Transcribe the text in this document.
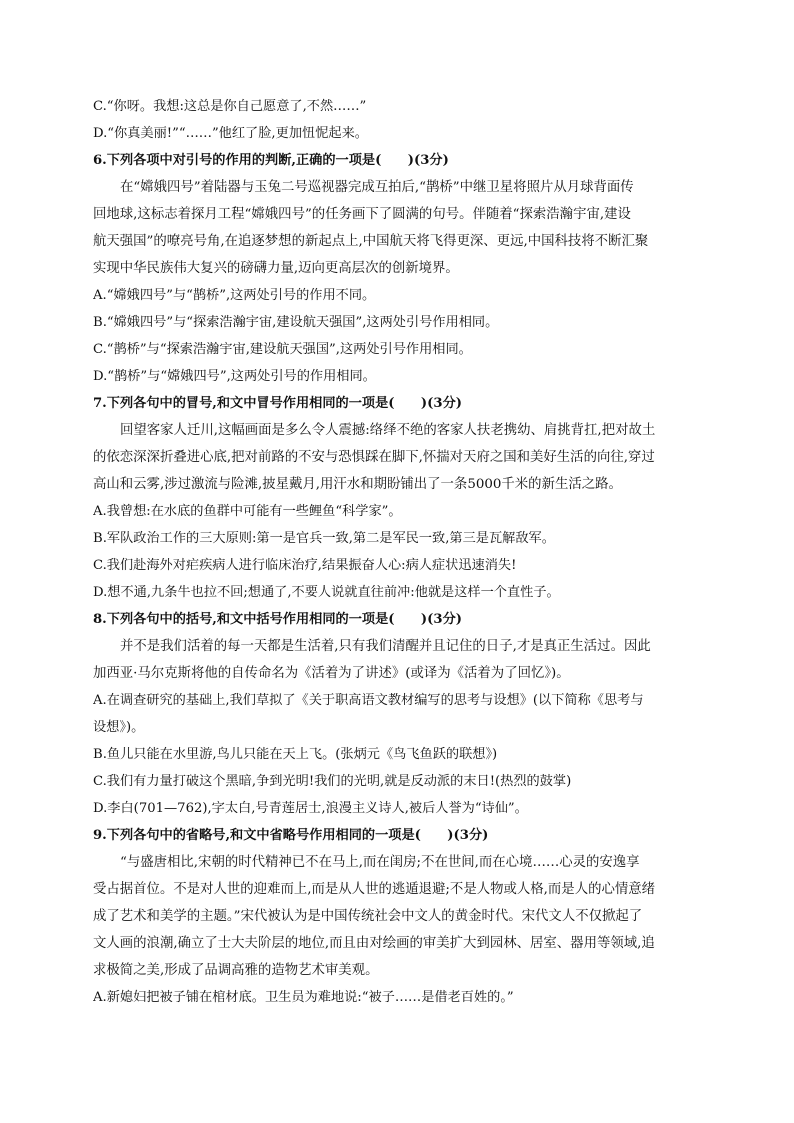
C.“你呀。我想:这总是你自己愿意了,不然……”
D.“你真美丽!”“……”他红了脸,更加忸怩起来。
6.下列各项中对引号的作用的判断,正确的一项是(　　)(3分)
在“嫦娥四号”着陆器与玉兔二号巡视器完成互拍后,“鹊桥”中继卫星将照片从月球背面传
回地球,这标志着探月工程“嫦娥四号”的任务画下了圆满的句号。伴随着“探索浩瀚宇宙,建设
航天强国”的嘹亮号角,在追逐梦想的新起点上,中国航天将飞得更深、更远,中国科技将不断汇聚
实现中华民族伟大复兴的磅礴力量,迈向更高层次的创新境界。
A.“嫦娥四号”与“鹊桥”,这两处引号的作用不同。
B.“嫦娥四号”与“探索浩瀚宇宙,建设航天强国”,这两处引号作用相同。
C.“鹊桥”与“探索浩瀚宇宙,建设航天强国”,这两处引号作用相同。
D.“鹊桥”与“嫦娥四号”,这两处引号的作用相同。
7.下列各句中的冒号,和文中冒号作用相同的一项是(　　)(3分)
回望客家人迁川,这幅画面是多么令人震撼:络绎不绝的客家人扶老携幼、肩挑背扛,把对故土
的依恋深深折叠进心底,把对前路的不安与恐惧踩在脚下,怀揣对天府之国和美好生活的向往,穿过
高山和云雾,涉过激流与险滩,披星戴月,用汗水和期盼铺出了一条5000千米的新生活之路。
A.我曾想:在水底的鱼群中可能有一些鲤鱼“科学家”。
B.军队政治工作的三大原则:第一是官兵一致,第二是军民一致,第三是瓦解敌军。
C.我们赴海外对疟疾病人进行临床治疗,结果振奋人心:病人症状迅速消失!
D.想不通,九条牛也拉不回;想通了,不要人说就直往前冲:他就是这样一个直性子。
8.下列各句中的括号,和文中括号作用相同的一项是(　　)(3分)
并不是我们活着的每一天都是生活着,只有我们清醒并且记住的日子,才是真正生活过。因此
加西亚·马尔克斯将他的自传命名为《活着为了讲述》(或译为《活着为了回忆》)。
A.在调查研究的基础上,我们草拟了《关于职高语文教材编写的思考与设想》(以下简称《思考与
设想》)。
B.鱼儿只能在水里游,鸟儿只能在天上飞。(张炳元《鸟飞鱼跃的联想》)
C.我们有力量打破这个黑暗,争到光明!我们的光明,就是反动派的末日!(热烈的鼓掌)
D.李白(701—762),字太白,号青莲居士,浪漫主义诗人,被后人誉为“诗仙”。
9.下列各句中的省略号,和文中省略号作用相同的一项是(　　)(3分)
“与盛唐相比,宋朝的时代精神已不在马上,而在闺房;不在世间,而在心境……心灵的安逸享
受占据首位。不是对人世的迎难而上,而是从人世的逃遁退避;不是人物或人格,而是人的心情意绪
成了艺术和美学的主题。”宋代被认为是中国传统社会中文人的黄金时代。宋代文人不仅掀起了
文人画的浪潮,确立了士大夫阶层的地位,而且由对绘画的审美扩大到园林、居室、器用等领域,追
求极简之美,形成了品调高雅的造物艺术审美观。
A.新媳妇把被子铺在棺材底。卫生员为难地说:“被子……是借老百姓的。”
